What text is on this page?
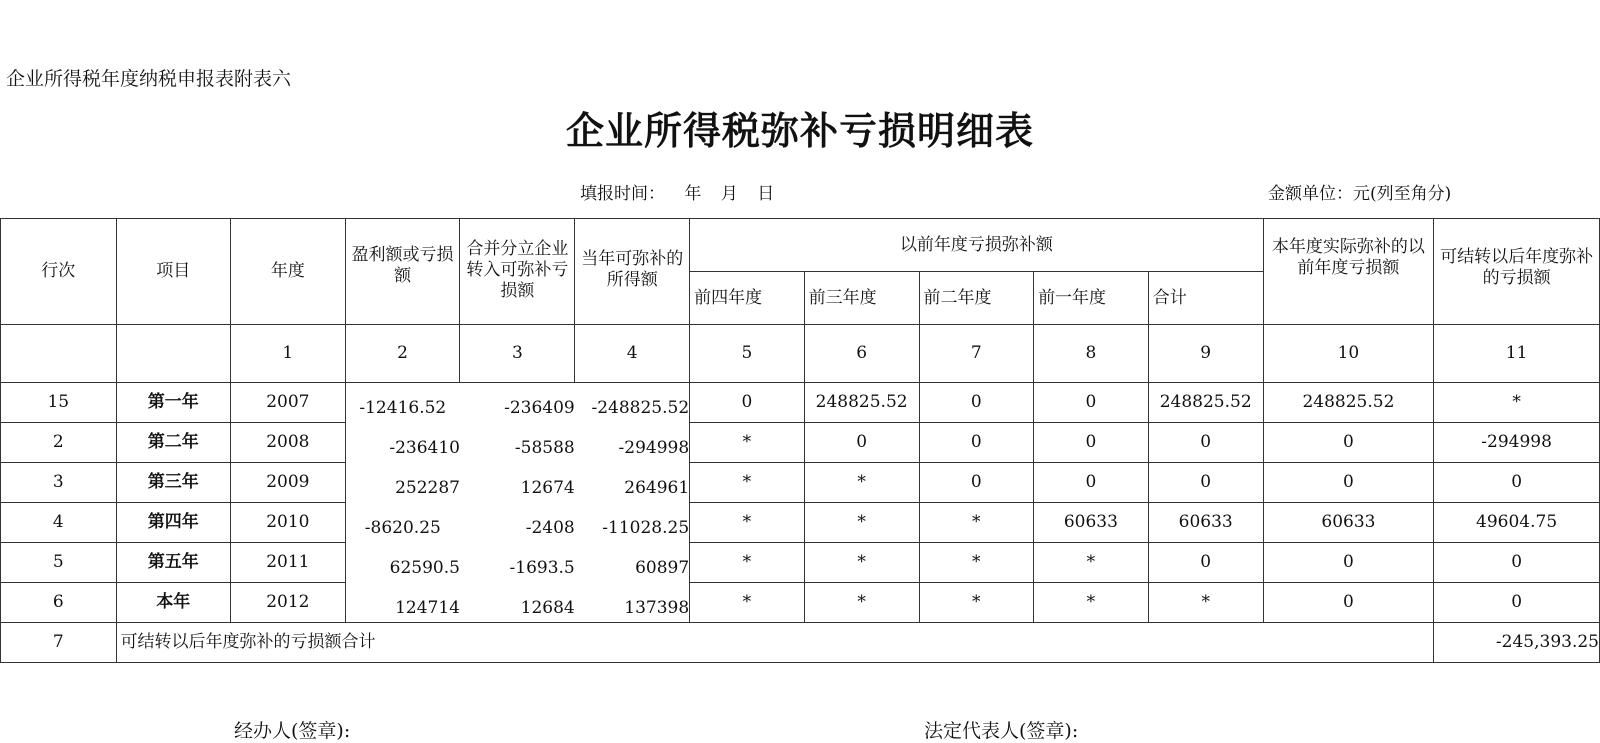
企业所得税年度纳税申报表附表六
企业所得税弥补亏损明细表
填报时间： 年 月 日	金额单位：元(列至角分)
行次	项目	年度	盈利额或亏损额	合并分立企业转入可弥补亏损额	当年可弥补的所得额	以前年度亏损弥补额					本年度实际弥补的以前年度亏损额	可结转以后年度弥补的亏损额
						前四年度	前三年度	前二年度	前一年度	合计		
		1	2	3	4	5	6	7	8	9	10	11
15	第一年	2007	-12416.52	-236409	-248825.52	0	248825.52	0	0	248825.52	248825.52	*
2	第二年	2008	-236410	-58588	-294998	*	0	0	0	0	0	-294998
3	第三年	2009	252287	12674	264961	*	*	0	0	0	0	0
4	第四年	2010	-8620.25	-2408	-11028.25	*	*	*	60633	60633	60633	49604.75
5	第五年	2011	62590.5	-1693.5	60897	*	*	*	*	0	0	0
6	本年	2012	124714	12684	137398	*	*	*	*	*	0	0
7	可结转以后年度弥补的亏损额合计											-245,393.25
经办人(签章):	法定代表人(签章):
